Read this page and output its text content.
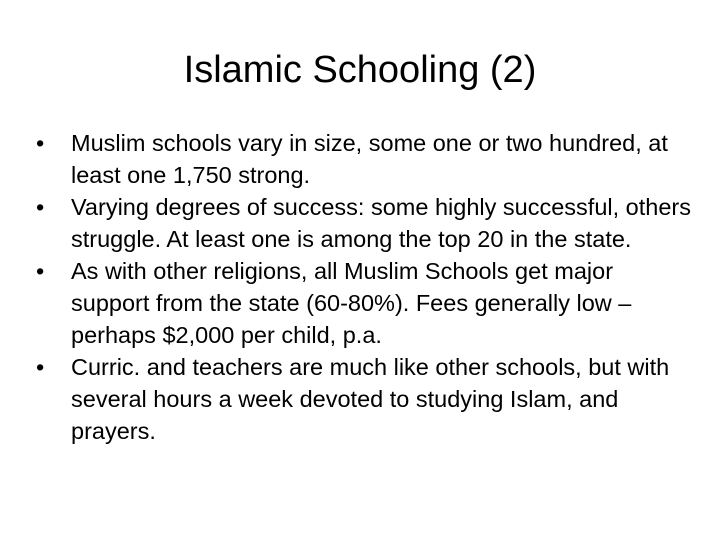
Islamic Schooling (2)
•	Muslim schools vary in size, some one or two hundred, at least one 1,750 strong.
•	Varying degrees of success: some highly successful, others struggle. At least one is among the top 20 in the state.
•	As with other religions, all Muslim Schools get major support from the state (60-80%). Fees generally low – perhaps $2,000 per child, p.a.
•	Curric. and teachers are much like other schools, but with several hours a week devoted to studying Islam, and prayers.
